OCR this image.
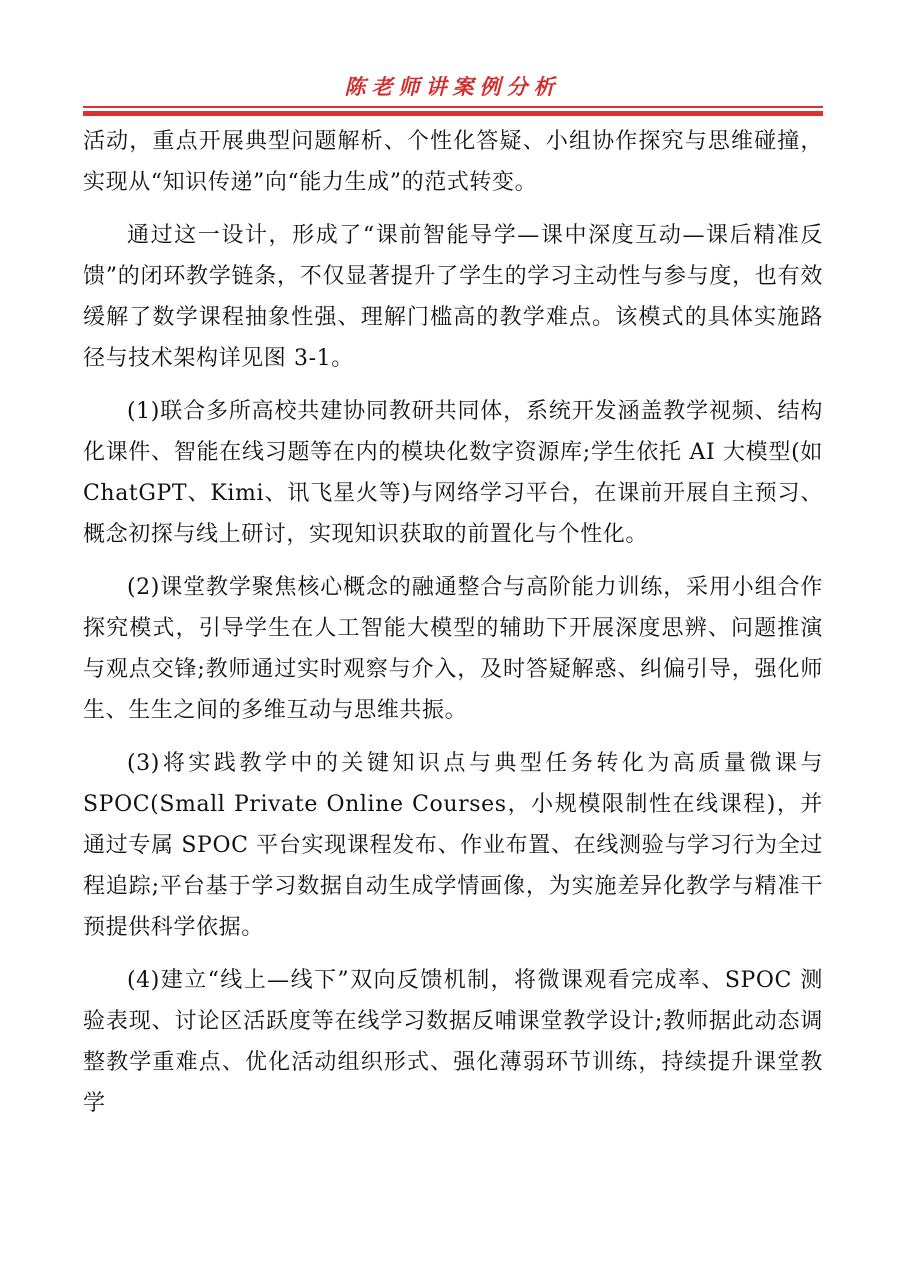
陈老师讲案例分析

活动，重点开展典型问题解析、个性化答疑、小组协作探究与思维碰撞，实现从“知识传递”向“能力生成”的范式转变。

通过这一设计，形成了“课前智能导学—课中深度互动—课后精准反馈”的闭环教学链条，不仅显著提升了学生的学习主动性与参与度，也有效缓解了数学课程抽象性强、理解门槛高的教学难点。该模式的具体实施路径与技术架构详见图 3-1。

(1)联合多所高校共建协同教研共同体，系统开发涵盖教学视频、结构化课件、智能在线习题等在内的模块化数字资源库;学生依托 AI 大模型(如 ChatGPT、Kimi、讯飞星火等)与网络学习平台，在课前开展自主预习、概念初探与线上研讨，实现知识获取的前置化与个性化。

(2)课堂教学聚焦核心概念的融通整合与高阶能力训练，采用小组合作探究模式，引导学生在人工智能大模型的辅助下开展深度思辨、问题推演与观点交锋;教师通过实时观察与介入，及时答疑解惑、纠偏引导，强化师生、生生之间的多维互动与思维共振。

(3)将实践教学中的关键知识点与典型任务转化为高质量微课与 SPOC(Small Private Online Courses，小规模限制性在线课程)，并通过专属 SPOC 平台实现课程发布、作业布置、在线测验与学习行为全过程追踪;平台基于学习数据自动生成学情画像，为实施差异化教学与精准干预提供科学依据。

(4)建立“线上—线下”双向反馈机制，将微课观看完成率、SPOC 测验表现、讨论区活跃度等在线学习数据反哺课堂教学设计;教师据此动态调整教学重难点、优化活动组织形式、强化薄弱环节训练，持续提升课堂教学
